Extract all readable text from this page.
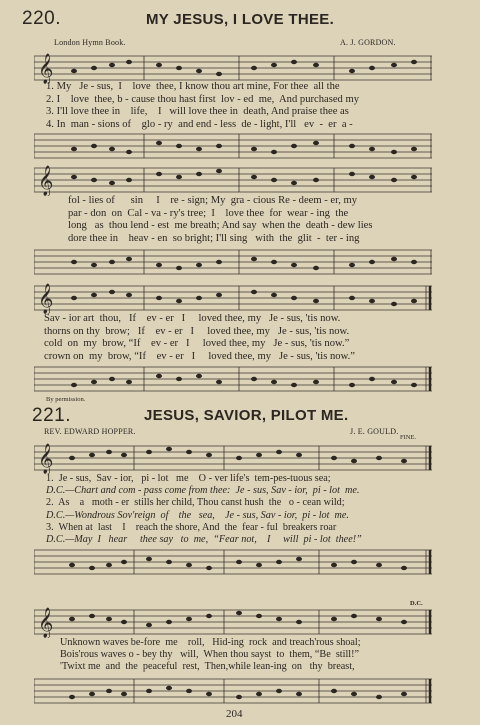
220.	MY JESUS, I LOVE THEE.
London Hymn Book.	A. J. GORDON.
𝄞
1. My   Je - sus,  I    love  thee, I know thou art mine, For thee  all the
2. I    love  thee, b - cause thou hast first  lov - ed  me,  And purchased my
3. I'll love thee in    life,    I   will love thee in  death, And praise thee as
4. In  man - sions of    glo - ry  and end - less  de - light, I'll   ev  -  er  a -
𝄞
fol - lies of      sin     I    re - sign; My  gra - cious Re - deem - er, my
par - don  on  Cal - va - ry's tree;  I    love thee  for  wear - ing  the
long   as  thou lend - est  me breath; And say  when the  death - dew lies
dore thee in    heav - en  so bright; I'll sing   with  the  glit  -  ter - ing
𝄞
Sav - ior art  thou,   If    ev - er   I     loved thee, my   Je - sus, 'tis now.
thorns on thy  brow;   If    ev - er   I     loved thee, my   Je - sus, 'tis now.
cold  on  my  brow, “If    ev - er   I     loved thee, my   Je - sus, 'tis now.”
crown on  my  brow, “If    ev - er   I     loved thee, my   Je - sus, 'tis now.”
By permission.
221.	JESUS, SAVIOR, PILOT ME.
REV. EDWARD HOPPER.	J. E. GOULD.
FINE.
𝄞
1.  Je - sus,  Sav - ior,   pi - lot   me    O - ver life's  tem-pes-tuous sea;
D.C.—Chart and com - pass come from thee:  Je - sus, Sav - ior,  pi - lot  me.
2.  As    a   moth - er  stills her child, Thou canst hush  the   o - cean wild;
D.C.—Wondrous Sov'reign  of    the   sea,    Je - sus, Sav - ior,  pi - lot  me.
3.  When at  last    I    reach the shore, And  the  fear - ful  breakers roar
D.C.—May  I   hear     thee say   to  me,  “Fear not,    I     will  pi - lot  thee!”
D.C.
𝄞
Unknown waves be-fore  me    roll,   Hid-ing  rock  and treach'rous shoal;
Bois'rous waves o - bey thy   will,  When thou sayst  to  them, “Be  still!”
'Twixt me  and  the  peaceful  rest,  Then,while lean-ing  on   thy  breast,
204
